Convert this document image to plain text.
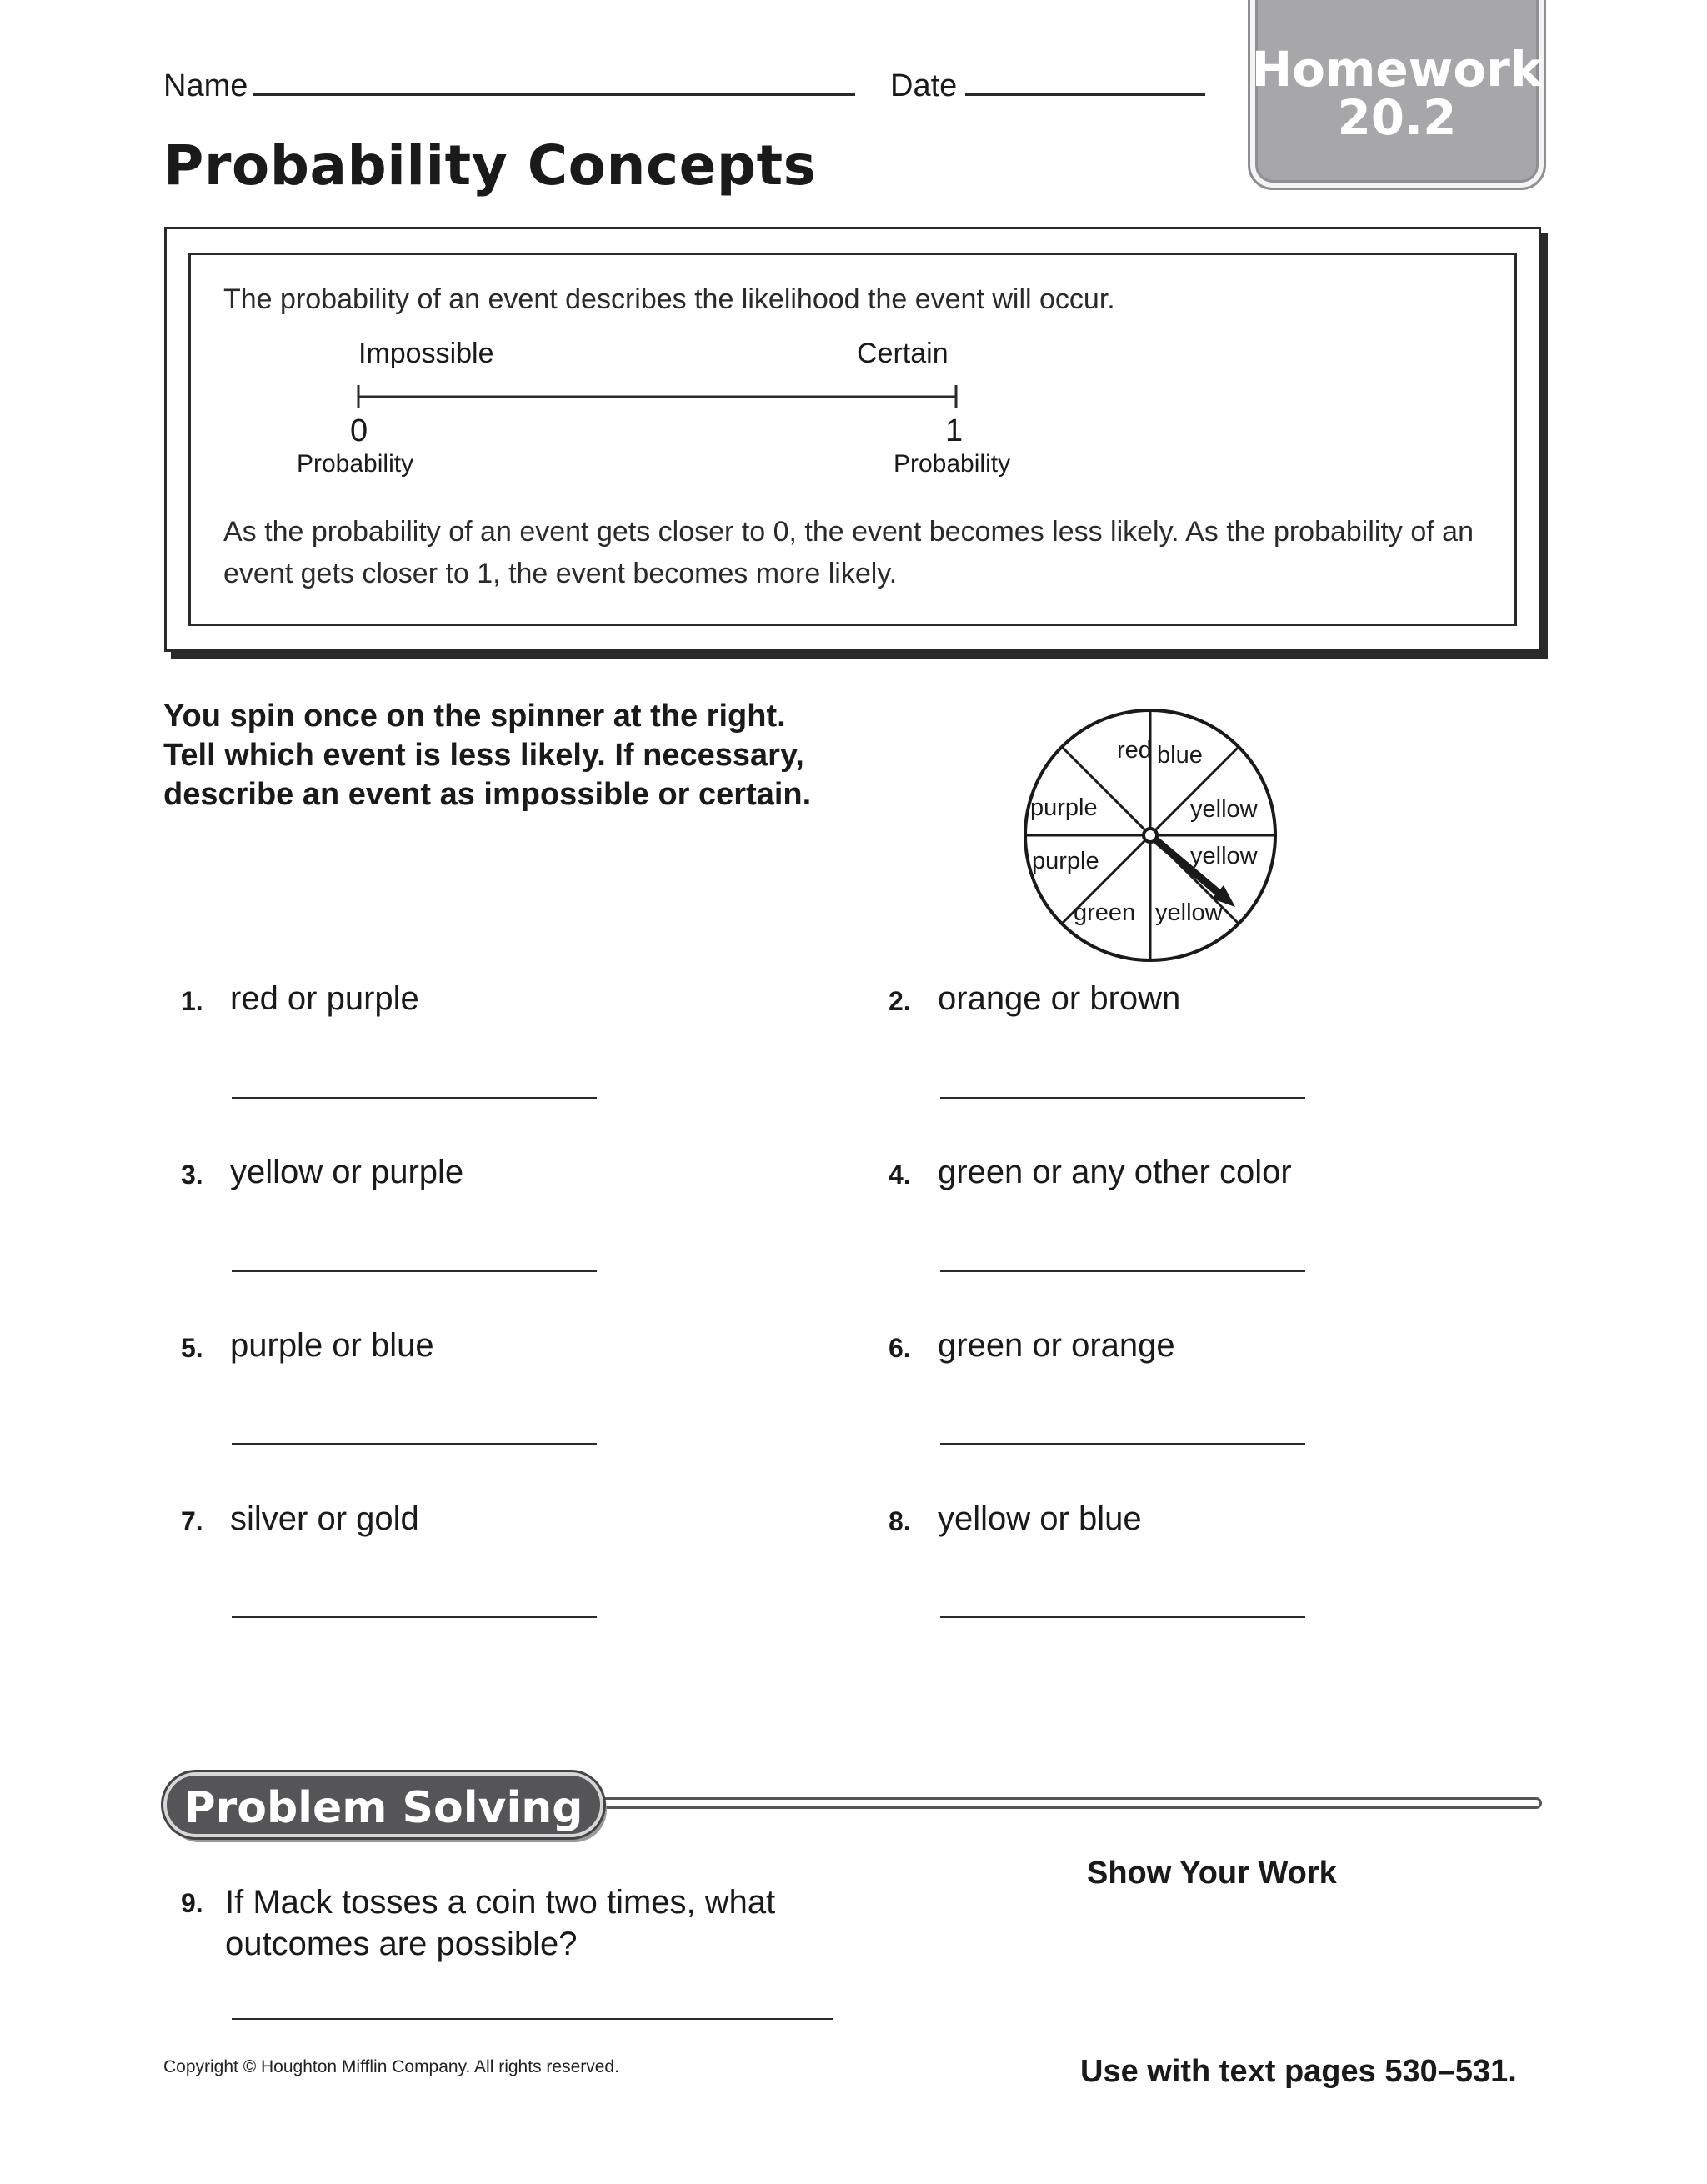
Name	Date	Homework
20.2
Probability Concepts
The probability of an event describes the likelihood the event will occur.
Impossible	Certain
0	1
Probability	Probability
As the probability of an event gets closer to 0, the event becomes less likely. As the probability of an event gets closer to 1, the event becomes more likely.
You spin once on the spinner at the right.
Tell which event is less likely. If necessary,
describe an event as impossible or certain.
red blue
yellow
yellow
yellow
green
purple
purple
1. red or purple	2. orange or brown
3. yellow or purple	4. green or any other color
5. purple or blue	6. green or orange
7. silver or gold	8. yellow or blue
Problem Solving
Show Your Work
9. If Mack tosses a coin two times, what
outcomes are possible?
Copyright © Houghton Mifflin Company. All rights reserved.	Use with text pages 530–531.
